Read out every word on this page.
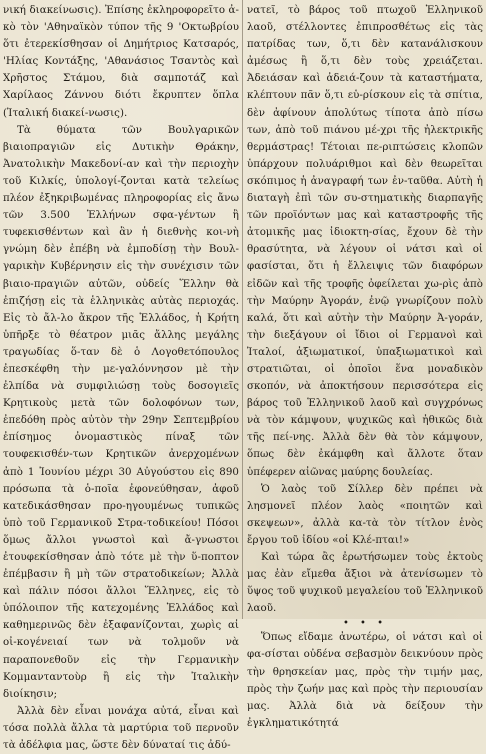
νική διακείνωσις). Ἐπίσης ἐκληροφορεῖτο ἀ-κὸ τὸν 'Αθηναϊκὸν τύπον τῆς 9 'Οκτωβρίου ὅτι ἐτερεκίσθησαν οἱ Δημήτριος Κατσαρός, 'Ηλίας Κοντάξης, 'Αθανάσιος Τσαντὸς καὶ Χρῆστος Στάμου, διὰ σαμποτάζ καὶ Χαρίλαος Ζάννου διότι ἔκρυπτεν ὅπλα (Ἰταλική διακεί-νωσις).

Τὰ θύματα τῶν Βουλγαρικῶν βιαιοπραγιῶν εἰς Δυτικὴν Θράκην, Ἀνατολικὴν Μακεδονί-αν καὶ τὴν περιοχὴν τοῦ Κιλκίς, ὑπολογί-ζονται κατὰ τελείως πλέον ἐξηκριβωμένας πληροφορίας εἰς ἄνω τῶν 3.500 Ἑλλήνων σφα-γέντων ἢ τυφεκισθέντων καὶ ἂν ἡ διεθνὴς κοι-νὴ γνώμη δὲν ἐπέβη νὰ ἐμποδίσῃ τὴν Βουλ-γαρικὴν Κυβέρνησιν εἰς τὴν συνέχισιν τῶν βιαιο-πραγιῶν αὐτῶν, οὐδείς Ἕλλην θὰ ἐπιζήσῃ εἰς τὰ ἑλληνικὰς αὐτὰς περιοχάς. Εἰς τὸ ἄλ-λο ἄκρον τῆς Ἑλλάδος, ἡ Κρήτη ὑπῆρξε τὸ θέατρον μιᾶς ἄλλης μεγάλης τραγωδίας ὅ-ταν δὲ ὁ Λογοθετόπουλος ἐπεσκέφθη τὴν με-γαλόννησον μὲ τὴν ἐλπίδα νὰ συμφιλιώσῃ τοὺς δοσογιεῖς Κρητικοὺς μετὰ τῶν δολοφόνων των, ἐπεδόθη πρὸς αὐτὸν τὴν 29ην Σεπτεμβρίου ἐπίσημος ὀνομαστικὸς πίναξ τῶν τουφεκισθέν-των Κρητικῶν ἀνερχομένων ἀπὸ 1 Ἰουνίου μέχρι 30 Αὐγούστου εἰς 890 πρόσωπα τὰ ὁ-ποῖα ἐφονεύθησαν, ἀφοῦ κατεδικάσθησαν προ-ηγουμένως τυπικῶς ὑπὸ τοῦ Γερμανικοῦ Στρα-τοδικείου! Πόσοι ὅμως ἄλλοι γνωστοὶ καὶ ἄ-γνωστοι ἐτουφεκίσθησαν ἀπὸ τότε μὲ τὴν ὕ-ποπτον ἐπέμβασιν ἢ μὴ τῶν στρατοδικείων; Ἀλλὰ καὶ πάλιν πόσοι ἄλλοι Ἕλληνες, εἰς τὸ ὑπόλοιπον τῆς κατεχομένης Ἑλλάδος καὶ καθημερινῶς δὲν ἐξαφανίζονται, χωρὶς αἱ οἰ-κογένειαί των νὰ τολμοῦν νὰ παραπονεθοῦν εἰς τὴν Γερμανικὴν Κομμανταντοὺρ ἢ εἰς τὴν Ἰταλικὴν διοίκησιν;

Ἀλλὰ δὲν εἶναι μονάχα αὐτά, εἶναι καὶ τόσα πολλὰ ἄλλα τὰ μαρτύρια τοῦ περνοῦν τὰ ἀδέλφια μας, ὥστε δὲν δύναταί τις ἀδύ-

νατεῖ, τὸ βάρος τοῦ πτωχοῦ Ἑλληνικοῦ λαοῦ, στέλλοντες ἐπιπροσθέτως εἰς τὰς πατρίδας των, ὅ,τι δὲν κατανάλισκουν ἀμέσως ἢ ὅ,τι δὲν τοὺς χρειάζεται. Ἀδειάσαν καὶ ἀδειά-ζουν τὰ καταστήματα, κλέπτουν πᾶν ὅ,τι εὑ-ρίσκουν εἰς τὰ σπίτια, δὲν ἀφίνουν ἀπολύτως τίποτα ἀπὸ πίσω των, ἀπὸ τοῦ πιάνου μέ-χρι τῆς ἠλεκτρικῆς θερμάστρας! Τέτοιαι πε-ριπτώσεις κλοπῶν ὑπάρχουν πολυάριθμοι καὶ δὲν θεωρεῖται σκόπιμος ἡ ἀναγραφή των ἐν-ταῦθα. Αὐτὴ ἡ διαταγὴ ἐπὶ τῶν συ-στηματικὴς διαρπαγῆς τῶν προϊόντων μας καὶ καταστροφῆς τῆς ἀτομικῆς μας ἰδιοκτη-σίας, ἔχουν δὲ τὴν θρασύτητα, νὰ λέγουν οἱ νάτσι καὶ οἱ φασίσται, ὅτι ἡ ἔλλειψις τῶν διαφόρων εἰδῶν καὶ τῆς τροφῆς ὀφείλεται χω-ρὶς ἀπὸ τὴν Μαύρην Ἀγοράν, ἐνῷ γνωρίζουν πολὺ καλά, ὅτι καὶ αὐτὴν τὴν Μαύρην Ἀ-γοράν, τὴν διεξάγουν οἱ ἴδιοι οἱ Γερμανοὶ καὶ Ἰταλοί, ἀξιωματικοί, ὑπαξιωματικοὶ καὶ στρατιῶται, οἱ ὁποῖοι ἕνα μοναδικὸν σκοπόν, νὰ ἀποκτήσουν περισσότερα εἰς βάρος τοῦ Ἑλληνικοῦ λαοῦ καὶ συγχρόνως νὰ τὸν κάμψουν, ψυχικῶς καὶ ἠθικῶς διὰ τῆς πεί-νης. Ἀλλὰ δὲν θὰ τὸν κάμψουν, ὅπως δὲν ἐκάμφθη καὶ ἄλλοτε ὅταν ὑπέφερεν αἰῶνας μαύρης δουλείας.

Ὁ λαὸς τοῦ Σίλλερ δὲν πρέπει νὰ λησμονεῖ πλέον λαὸς «ποιητῶν καὶ σκεψεων», ἀλλὰ κα-τὰ τὸν τίτλον ἑνὸς ἔργου τοῦ ἰδίου «οἱ Κλέ-πται!»

Καὶ τώρα ἂς ἐρωτήσωμεν τοὺς ἐκτοὺς μας ἐὰν εἴμεθα ἄξιοι νὰ ἀτενίσωμεν τὸ ὕψος τοῦ ψυχικοῦ μεγαλείου τοῦ Ἑλληνικοῦ λαοῦ.

• • •

Ὅπως εἴδαμε ἀνωτέρω, οἱ νάτσι καὶ οἱ φα-σίσται οὐδένα σεβασμὸν δεικνύουν πρὸς τὴν θρησκείαν μας, πρὸς τὴν τιμήν μας, πρὸς τὴν ζωήν μας καὶ πρὸς τὴν περιουσίαν μας. Ἀλλὰ διὰ νὰ δείξουν τὴν ἐγκληματικότητά
